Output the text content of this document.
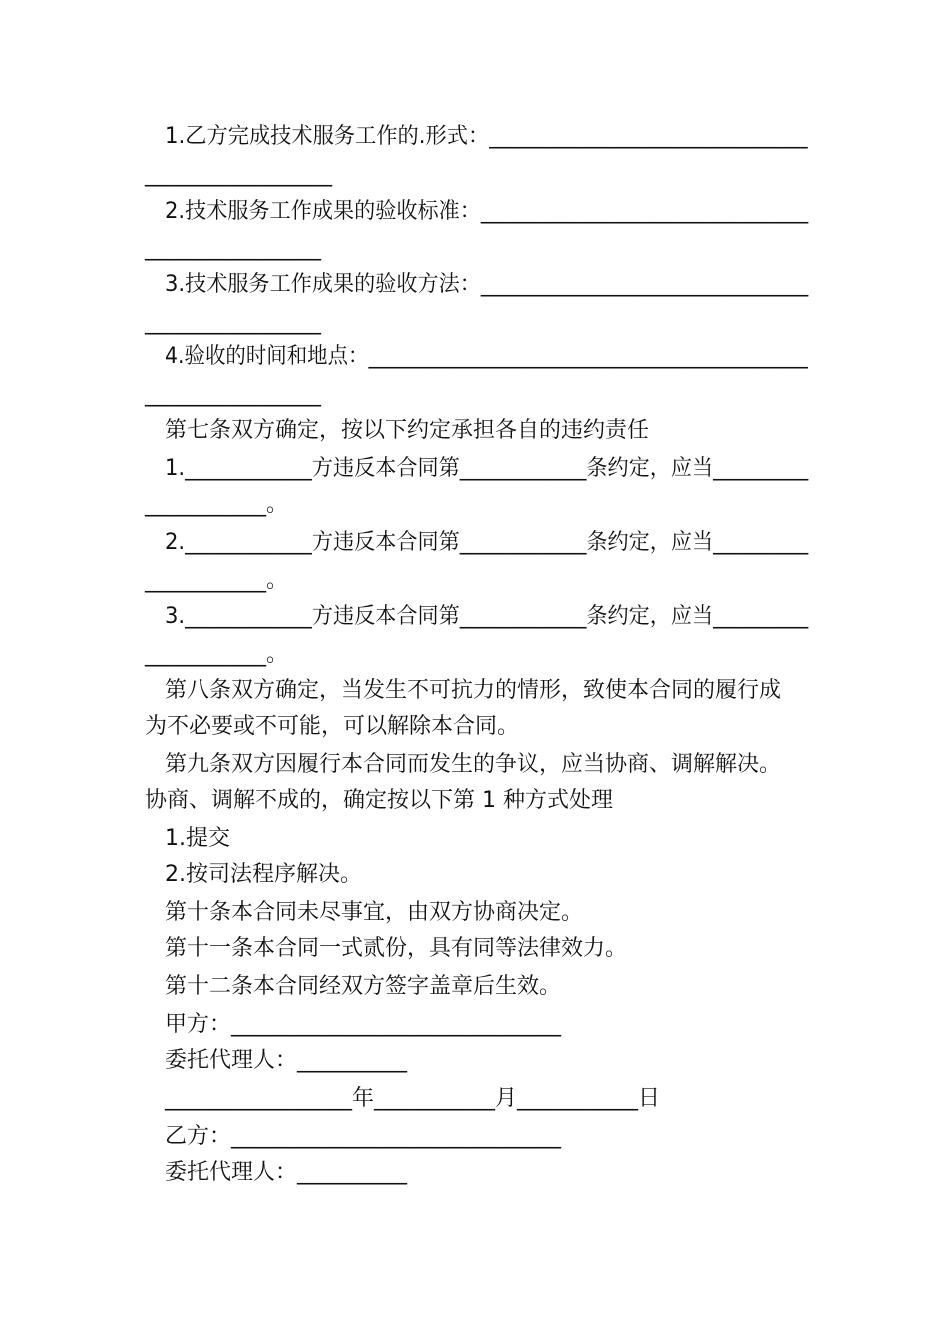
1.乙方完成技术服务工作的.形式：______________________________
_________________
2.技术服务工作成果的验收标准：_______________________________
________________
3.技术服务工作成果的验收方法：_______________________________
________________
4.验收的时间和地点：___________________________________________
________________
第七条双方确定，按以下约定承担各自的违约责任
1.____________方违反本合同第____________条约定，应当_________
___________。
2.____________方违反本合同第____________条约定，应当_________
___________。
3.____________方违反本合同第____________条约定，应当_________
___________。
第八条双方确定，当发生不可抗力的情形，致使本合同的履行成
为不必要或不可能，可以解除本合同。
第九条双方因履行本合同而发生的争议，应当协商、调解解决。
协商、调解不成的，确定按以下第 1 种方式处理
1.提交
2.按司法程序解决。
第十条本合同未尽事宜，由双方协商决定。
第十一条本合同一式贰份，具有同等法律效力。
第十二条本合同经双方签字盖章后生效。
甲方：______________________________
委托代理人：__________
_________________年___________月___________日
乙方：______________________________
委托代理人：__________
